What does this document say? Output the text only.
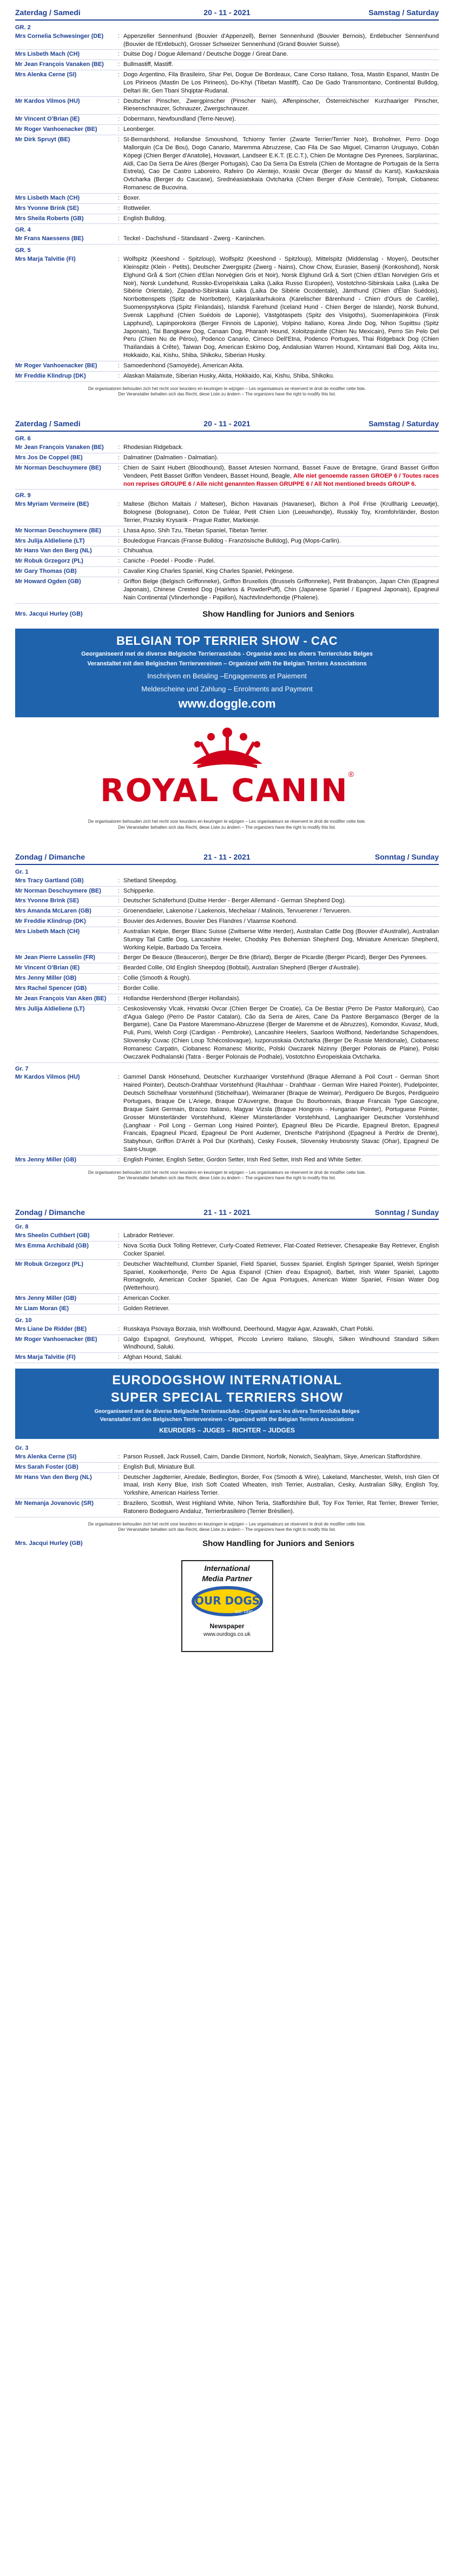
Zaterdag / Samedi	20 - 11 - 2021	Samstag / Saturday
GR. 2
Mrs Cornelia Schwesinger (DE)	: Appenzeller Sennenhund (Bouvier d'Appenzell), Berner Sennenhund (Bouvier Bernois), Entlebucher Sennenhund (Bouvier de l'Entlebuch), Grosser Schweizer Sennenhund (Grand Bouvier Suisse).
Mrs Lisbeth Mach (CH)	: Duitse Dog / Dogue Allemand / Deutsche Dogge / Great Dane.
Mr Jean François Vanaken (BE)	: Bullmastiff, Mastiff.
Mrs Alenka Cerne (SI)	: Dogo Argentino, Fila Brasileiro, Shar Pei, Dogue De Bordeaux, Cane Corso Italiano, Tosa, Mastin Espanol, Mastin De Los Pirineos (Mastin De Los Pirineos), Do-Khyi (Tibetan Mastiff), Cao De Gado Transmontano, Continental Bulldog, Deltari Ilir, Gen Tbani Shqiptar-Rudanal.
Mr Kardos Vilmos (HU)	: Deutscher Pinscher, Zwergpinscher (Pinscher Nain), Affenpinscher, Österreichischer Kurzhaariger Pinscher, Riesenschnauzer, Schnauzer, Zwergschnauzer.
Mr Vincent O'Brian (IE)	: Dobermann, Newfoundland (Terre-Neuve).
Mr Roger Vanhoenacker (BE)	: Leonberger.
Mr Dirk Spruyt (BE)	: St-Bernardshond, Hollandse Smoushond, Tchiorny Terrier (Zwarte Terrier/Terrier Noir), Broholmer, Perro Dogo Mallorquin (Ca De Bou), Dogo Canario, Maremma Abruzzese, Cao Fila De Sao Miguel, Cimarron Uruguayo, Cobán Kópegi (Chien Berger d'Anatolie), Hovawart, Landseer E.K.T. (E.C.T.), Chien De Montagne Des Pyrenees, Sarplaninac, Aidi, Cao Da Serra De Aires (Berger Portugais), Cao Da Serra Da Estrela (Chien de Montagne de Portugais de la Serra Estrela), Cao De Castro Laboreiro, Rafeiro Do Alentejo, Kraski Ovcar (Berger du Massif du Karst), Kavkazskaia Ovtcharka (Berger du Caucase), Srednéasiatskaia Ovtcharka (Chien Berger d'Asie Centrale), Tornjak, Ciobanesc Romanesc de Bucovina.
Mrs Lisbeth Mach (CH)	: Boxer.
Mrs Yvonne Brink (SE)	: Rottweiler.
Mrs Sheila Roberts (GB)	: English Bulldog.
GR. 4
Mr Frans Naessens (BE)	: Teckel - Dachshund - Standaard - Zwerg - Kaninchen.
GR. 5
Mrs Marja Talvitie (FI)	: Wolfspitz (Keeshond - Spitzloup), Wolfspitz (Keeshond - Spitzloup), Mittelspitz (Middenslag - Moyen), Deutscher Kleinspitz (Klein - Petits), Deutscher Zwergspitz (Zwerg - Nains), Chow Chow, Eurasier, Basenji (Konkoshond), Norsk Elghund Grå & Sort (Chien d'Elan Norvégien Gris et Noir), Norsk Elghund Grå & Sort (Chien d'Elan Norvégien Gris et Noir), Norsk Lundehund, Russko-Evropeïskaia Laika (Laika Russo Européen), Vostotchno-Sibirskaia Laika (Laika De Sibérie Orientale), Zapadno-Sibirskaia Laika (Laika De Sibérie Occidentale), Jämthund (Chien d'Élan Suédois), Norrbottenspets (Spitz de Norrbotten), Karjalankarhukoira (Karelischer Bärenhund - Chien d'Ours de Carélie), Suomenpystykorva (Spitz Finlandais), Islandsk Farehund (Iceland Hund - Chien Berger de Islande), Norsk Buhund, Svensk Lapphund (Chien Suédois de Laponie), Västgötaspets (Spitz des Visigoths), Suomenlapinkoira (Finsk Lapphund), Lapinporokoira (Berger Finnois de Laponie), Volpino Italiano, Korea Jindo Dog, Nihon Supittsu (Spitz Japonais), Tai Bangkaew Dog, Canaan Dog, Pharaoh Hound, Xoloitzquintle (Chien Nu Mexicain), Perro Sin Pelo Del Peru (Chien Nu de Pérou), Podenco Canario, Cirneco Dell'Etna, Podenco Portugues, Thai Ridgeback Dog (Chien Thaïlandais à Crête), Taiwan Dog, American Eskimo Dog, Andalusian Warren Hound, Kintamani Bali Dog, Akita Inu, Hokkaido, Kai, Kishu, Shiba, Shikoku, Siberian Husky.
Mr Roger Vanhoenacker (BE)	: Samoedenhond (Samoyède), American Akita.
Mr Freddie Klindrup (DK)	: Alaskan Malamute, Siberian Husky, Akita, Hokkaido, Kai, Kishu, Shiba, Shikoku.
De organisatoren behouden zich het recht voor keurders en keuringen te wijzigen – Les organisateurs se réservent le droit de modifier cette liste.
Der Veranstalter behalten sich das Recht, diese Liste zu ändern – The organizers have the right to modify this list.
Zaterdag / Samedi	20 - 11 - 2021	Samstag / Saturday
GR. 6
Mr Jean François Vanaken (BE)	: Rhodesian Ridgeback.
Mrs Jos De Coppel (BE)	: Dalmatiner (Dalmatien - Dalmatian).
Mr Norman Deschuymere (BE)	: Chien de Saint Hubert (Bloodhound), Basset Artesien Normand, Basset Fauve de Bretagne, Grand Basset Griffon Vendeen, Petit Basset Griffon Vendeen, Basset Hound, Beagle, Alle niet genoemde rassen GROEP 6 / Toutes races non reprises GROUPE 6 / Alle nicht genannten Rassen GRUPPE 6 / All Not mentioned breeds GROUP 6.
GR. 9
Mrs Myriam Vermeire (BE)	: Maltese (Bichon Maltais / Malteser), Bichon Havanais (Havaneser), Bichon à Poil Frise (Krullharig Leeuwtje), Bolognese (Bolognaise), Coton De Tuléar, Petit Chien Lion (Leeuwhondje), Russkiy Toy, Kromfohrländer, Boston Terrier, Prazsky Krysarik - Prague Ratter, Markiesje.
Mr Norman Deschuymere (BE)	: Lhasa Apso, Shih Tzu, Tibetan Spaniel, Tibetan Terrier.
Mrs Julija Aldieliene (LT)	: Bouledogue Francais (Franse Bulldog - Französische Bulldog), Pug (Mops-Carlin).
Mr Hans Van den Berg (NL)	: Chihuahua.
Mr Robuk Grzegorz (PL)	: Caniche - Poedel - Poodle - Pudel.
Mr Gary Thomas (GB)	: Cavalier King Charles Spaniel, King Charles Spaniel, Pekingese.
Mr Howard Ogden (GB)	: Griffon Belge (Belgisch Griffonneke), Griffon Bruxellois (Brussels Griffonneke), Petit Brabançon, Japan Chin (Epagneul Japonais), Chinese Crested Dog (Hairless & PowderPuff), Chin (Japanese Spaniel / Epagneul Japonais), Epagneul Nain Continental (Vlinderhondje - Papillon), Nachtvlinderhondje (Phalene).
Mrs. Jacqui Hurley (GB)	Show Handling for Juniors and Seniors
BELGIAN TOP TERRIER SHOW - CAC
Georganiseerd met de diverse Belgische Terrierrasclubs - Organisé avec les divers Terrierclubs Belges
Veranstaltet mit den Belgischen Terriervereinen – Organized with the Belgian Terriers Associations
Inschrijven en Betaling –Engagements et Paiement
Meldescheine und Zahlung – Enrolments and Payment
www.doggle.com
ROYAL CANIN®
De organisatoren behouden zich het recht voor keurders en keuringen te wijzigen – Les organisateurs se réservent le droit de modifier cette liste.
Der Veranstalter behalten sich das Recht, diese Liste zu ändern – The organizers have the right to modify this list.
Zondag / Dimanche	21 - 11 - 2021	Sonntag / Sunday
Gr. 1
Mrs Tracy Gartland (GB)	: Shetland Sheepdog.
Mr Norman Deschuymere (BE)	: Schipperke.
Mrs Yvonne Brink (SE)	: Deutscher Schäferhund (Duitse Herder - Berger Allemand - German Shepherd Dog).
Mrs Amanda McLaren (GB)	: Groenendaeler, Lakenoise / Laekenois, Mechelaar / Malinois, Tervuerener / Tervueren.
Mr Freddie Klindrup (DK)	: Bouvier des Ardennes, Bouvier Des Flandres / Vlaamse Koehond.
Mrs Lisbeth Mach (CH)	: Australian Kelpie, Berger Blanc Suisse (Zwitserse Witte Herder), Australian Cattle Dog (Bouvier d'Australie), Australian Stumpy Tail Cattle Dog, Lancashire Heeler, Chodsky Pes Bohemian Shepherd Dog, Miniature American Shepherd, Working Kelpie, Barbado Da Terceira.
Mr Jean Pierre Lasselin (FR)	: Berger De Beauce (Beauceron), Berger De Brie (Briard), Berger de Picardie (Berger Picard), Berger Des Pyrenees.
Mr Vincent O'Brian (IE)	: Bearded Collie, Old English Sheepdog (Bobtail), Australian Shepherd (Berger d'Australie).
Mrs Jenny Miller (GB)	: Collie (Smooth & Rough).
Mrs Rachel Spencer (GB)	: Border Collie.
Mr Jean François Van Aken (BE)	: Hollandse Herdershond (Berger Hollandais).
Mrs Julija Aldieliene (LT)	: Ceskoslovensky Vlcak, Hrvatski Ovcar (Chien Berger De Croatie), Ca De Bestiar (Perro De Pastor Mallorquin), Cao d'Agua Galego (Perro De Pastor Catalan), Cão da Serra de Aires, Cane Da Pastore Bergamasco (Berger de la Bergame), Cane Da Pastore Maremmano-Abruzzese (Berger de Maremme et de Abruzzes), Komondor, Kuvasz, Mudi, Puli, Pumi, Welsh Corgi (Cardigan - Pembroke), Lancashire Heelers, Saarloos Wolfhond, Nederlandse Schapendoes, Slovensky Cuvac (Chien Loup Tchécoslovaque), Iuzporusskaia Ovtcharka (Berger De Russie Méridionale), Ciobanesc Romanesc Carpatin, Ciobanesc Romanesc Mioritic, Polski Owczarek Nizinny (Berger Polonais de Plaine), Polski Owczarek Podhalanski (Tatra - Berger Polonais de Podhale), Vostotchno Evropeiskaia Ovtcharka.
Gr. 7
Mr Kardos Vilmos (HU)	: Gammel Dansk Hönsehund, Deutscher Kurzhaariger Vorstehhund (Braque Allemand à Poil Court - German Short Haired Pointer), Deutsch-Drahthaar Vorstehhund (Rauhhaar - Drahthaar - German Wire Haired Pointer), Pudelpointer, Deutsch Stichelhaar Vorstehhund (Stichelhaar), Weimaraner (Braque de Weimar), Perdiguero De Burgos, Perdigueiro Portugues, Braque De L'Ariege, Braque D'Auvergne, Braque Du Bourbonnais, Braque Francais Type Gascogne, Braque Saint Germain, Bracco Italiano, Magyar Vizsla (Braque Hongrois - Hungarian Pointer), Portuguese Pointer, Grosser Münsterländer Vorstehhund, Kleiner Münsterländer Vorstehhund, Langhaariger Deutscher Vorstehhund (Langhaar - Poil Long - German Long Haired Pointer), Epagneul Bleu De Picardie, Epagneul Breton, Epagneul Francais, Epagneul Picard, Epagneul De Pont Audemer, Drentsche Patrijshond (Epagneul à Perdrix de Drente), Stabyhoun, Griffon D'Arrêt à Poil Dur (Korthals), Cesky Fousek, Slovensky Hrubosrsty Stavac (Ohar), Epagneul De Saint-Usuge.
Mrs Jenny Miller (GB)	: English Pointer, English Setter, Gordon Setter, Irish Red Setter, Irish Red and White Setter.
De organisatoren behouden zich het recht voor keurders en keuringen te wijzigen – Les organisateurs se réservent le droit de modifier cette liste.
Der Veranstalter behalten sich das Recht, diese Liste zu ändern – The organizers have the right to modify this list.
Zondag / Dimanche	21 - 11 - 2021	Sonntag / Sunday
Gr. 8
Mrs Sheelin Cuthbert (GB)	: Labrador Retriever.
Mrs Emma Archibald (GB)	: Nova Scotia Duck Tolling Retriever, Curly-Coated Retriever, Flat-Coated Retriever, Chesapeake Bay Retriever, English Cocker Spaniel.
Mr Robuk Grzegorz (PL)	: Deutscher Wachtelhund, Clumber Spaniel, Field Spaniel, Sussex Spaniel, English Springer Spaniel, Welsh Springer Spaniel, Kooikerhondje, Perro De Agua Espanol (Chien d'eau Espagnol), Barbet, Irish Water Spaniel, Lagotto Romagnolo, American Cocker Spaniel, Cao De Agua Portugues, American Water Spaniel, Frisian Water Dog (Wetterhoun).
Mrs Jenny Miller (GB)	: American Cocker.
Mr Liam Moran (IE)	: Golden Retriever.
Gr. 10
Mrs Liane De Ridder (BE)	: Russkaya Psovaya Borzaia, Irish Wolfhound, Deerhound, Magyar Agar, Azawakh, Chart Polski.
Mr Roger Vanhoenacker (BE)	: Galgo Espagnol, Greyhound, Whippet, Piccolo Levriero Italiano, Sloughi, Silken Windhound Standard Silken Windhound, Saluki.
Mrs Marja Talvitie (FI)	: Afghan Hound, Saluki.
EURODOGSHOW INTERNATIONAL
SUPER SPECIAL TERRIERS SHOW
Georganiseerd met de diverse Belgische Terrierrasclubs - Organisé avec les divers Terrierclubs Belges
Veranstaltet mit den Belgischen Terriervereinen – Organized with the Belgian Terriers Associations
KEURDERS – JUGES – RICHTER – JUDGES
Gr. 3
Mrs Alenka Cerne (SI)	: Parson Russell, Jack Russell, Cairn, Dandie Dinmont, Norfolk, Norwich, Sealyham, Skye, American Staffordshire.
Mrs Sarah Foster (GB)	: English Bull, Miniature Bull.
Mr Hans Van den Berg (NL)	: Deutscher Jagdterrier, Airedale, Bedlington, Border, Fox (Smooth & Wire), Lakeland, Manchester, Welsh, Irish Glen Of Imaal, Irish Kerry Blue, Irish Soft Coated Wheaten, Irish Terrier, Australian, Cesky, Australian Silky, English Toy, Yorkshire, American Hairless Terrier.
Mr Nemanja Jovanovic (SR)	: Brazilero, Scottish, West Highland White, Nihon Teria, Staffordshire Bull, Toy Fox Terrier, Rat Terrier, Brewer Terrier, Ratonero Bodeguero Andaluz, Terrierbrasileiro (Terrier Brésilien).
De organisatoren behouden zich het recht voor keurders en keuringen te wijzigen – Les organisateurs se réservent le droit de modifier cette liste.
Der Veranstalter behalten sich das Recht, diese Liste zu ändern – The organizers have the right to modify this list.
Mrs. Jacqui Hurley (GB)	Show Handling for Juniors and Seniors
International
Media Partner
OUR DOGS
Est. 1895
Newspaper
www.ourdogs.co.uk
